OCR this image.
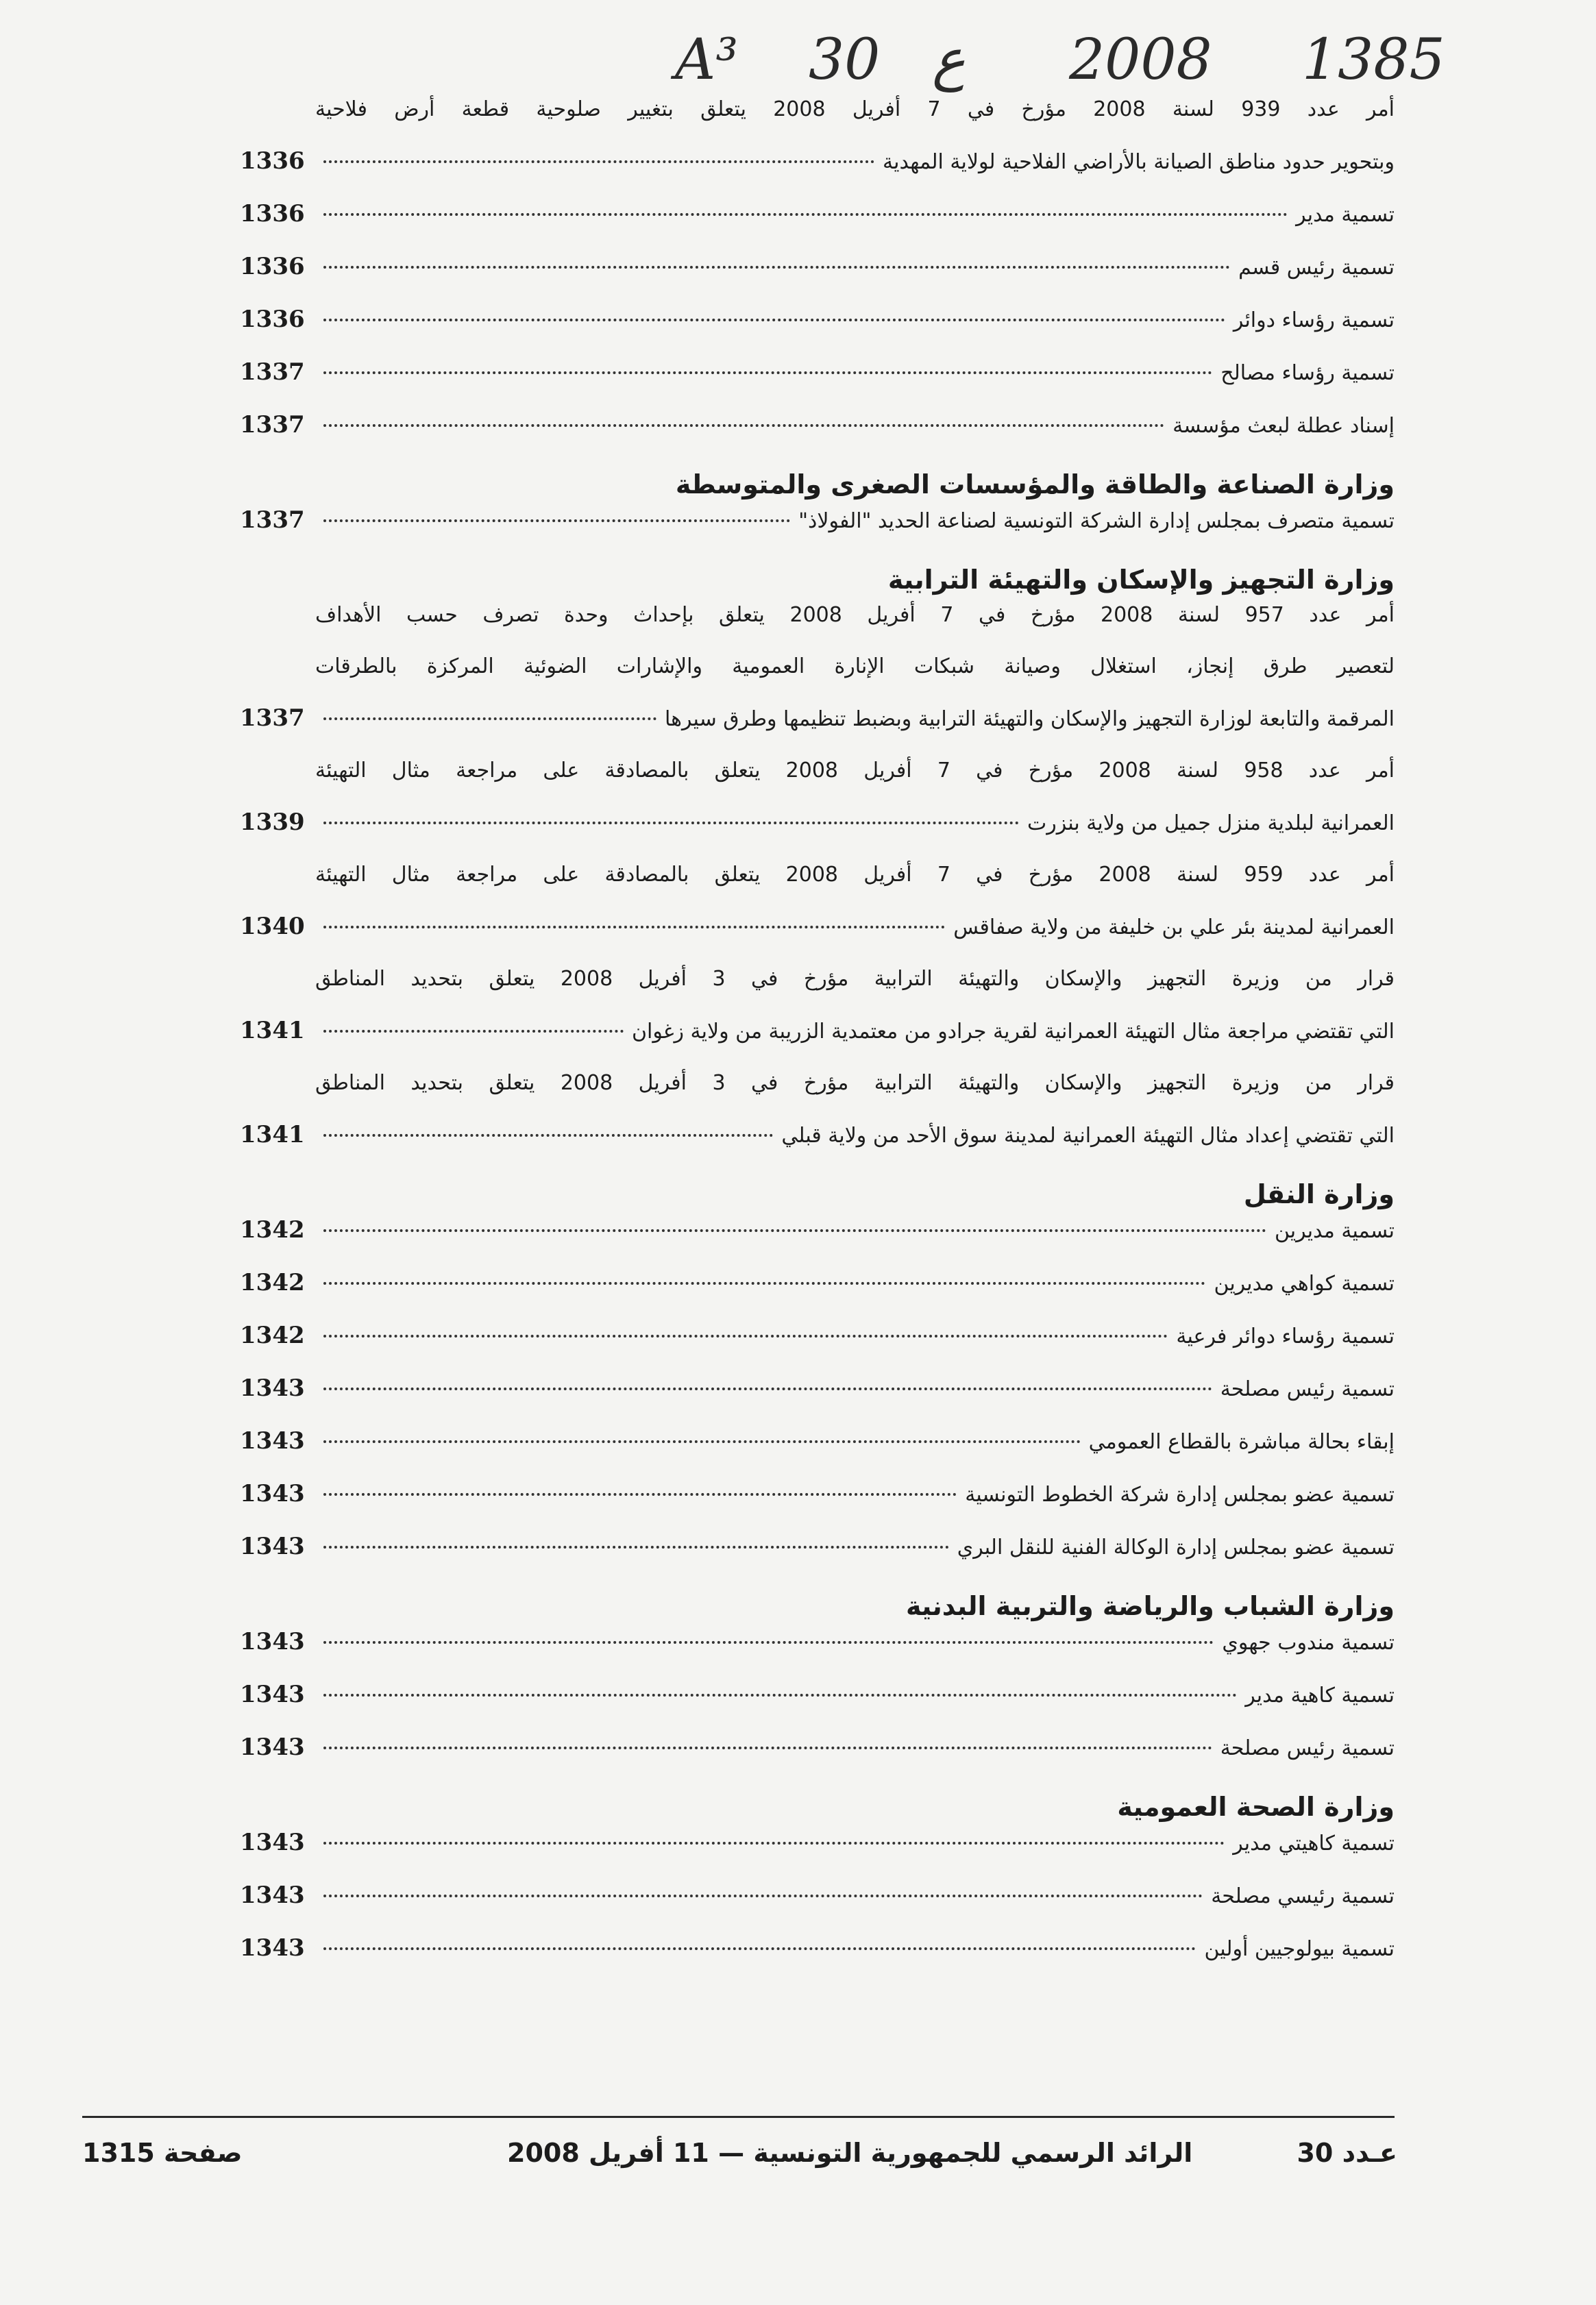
A³ 30 ع 2008 1385
أمر عدد 939 لسنة 2008 مؤرخ في 7 أفريل 2008 يتعلق بتغيير صلوحية قطعة أرض فلاحية
وبتحوير حدود مناطق الصيانة بالأراضي الفلاحية لولاية المهدية
1336
تسمية مدير
1336
تسمية رئيس قسم
1336
تسمية رؤساء دوائر
1336
تسمية رؤساء مصالح
1337
إسناد عطلة لبعث مؤسسة
1337
وزارة الصناعة والطاقة والمؤسسات الصغرى والمتوسطة
تسمية متصرف بمجلس إدارة الشركة التونسية لصناعة الحديد "الفولاذ"
1337
وزارة التجهيز والإسكان والتهيئة الترابية
أمر عدد 957 لسنة 2008 مؤرخ في 7 أفريل 2008 يتعلق بإحداث وحدة تصرف حسب الأهداف
لتعصير طرق إنجاز، استغلال وصيانة شبكات الإنارة العمومية والإشارات الضوئية المركزة بالطرقات
المرقمة والتابعة لوزارة التجهيز والإسكان والتهيئة الترابية وبضبط تنظيمها وطرق سيرها
1337
أمر عدد 958 لسنة 2008 مؤرخ في 7 أفريل 2008 يتعلق بالمصادقة على مراجعة مثال التهيئة
العمرانية لبلدية منزل جميل من ولاية بنزرت
1339
أمر عدد 959 لسنة 2008 مؤرخ في 7 أفريل 2008 يتعلق بالمصادقة على مراجعة مثال التهيئة
العمرانية لمدينة بئر علي بن خليفة من ولاية صفاقس
1340
قرار من وزيرة التجهيز والإسكان والتهيئة الترابية مؤرخ في 3 أفريل 2008 يتعلق بتحديد المناطق
التي تقتضي مراجعة مثال التهيئة العمرانية لقرية جرادو من معتمدية الزريبة من ولاية زغوان
1341
قرار من وزيرة التجهيز والإسكان والتهيئة الترابية مؤرخ في 3 أفريل 2008 يتعلق بتحديد المناطق
التي تقتضي إعداد مثال التهيئة العمرانية لمدينة سوق الأحد من ولاية قبلي
1341
وزارة النقل
تسمية مديرين
1342
تسمية كواهي مديرين
1342
تسمية رؤساء دوائر فرعية
1342
تسمية رئيس مصلحة
1343
إبقاء بحالة مباشرة بالقطاع العمومي
1343
تسمية عضو بمجلس إدارة شركة الخطوط التونسية
1343
تسمية عضو بمجلس إدارة الوكالة الفنية للنقل البري
1343
وزارة الشباب والرياضة والتربية البدنية
تسمية مندوب جهوي
1343
تسمية كاهية مدير
1343
تسمية رئيس مصلحة
1343
وزارة الصحة العمومية
تسمية كاهيتي مدير
1343
تسمية رئيسي مصلحة
1343
تسمية بيولوجيين أولين
1343
صفحة 1315	الرائد الرسمي للجمهورية التونسية — 11 أفريل 2008	عـدد 30
